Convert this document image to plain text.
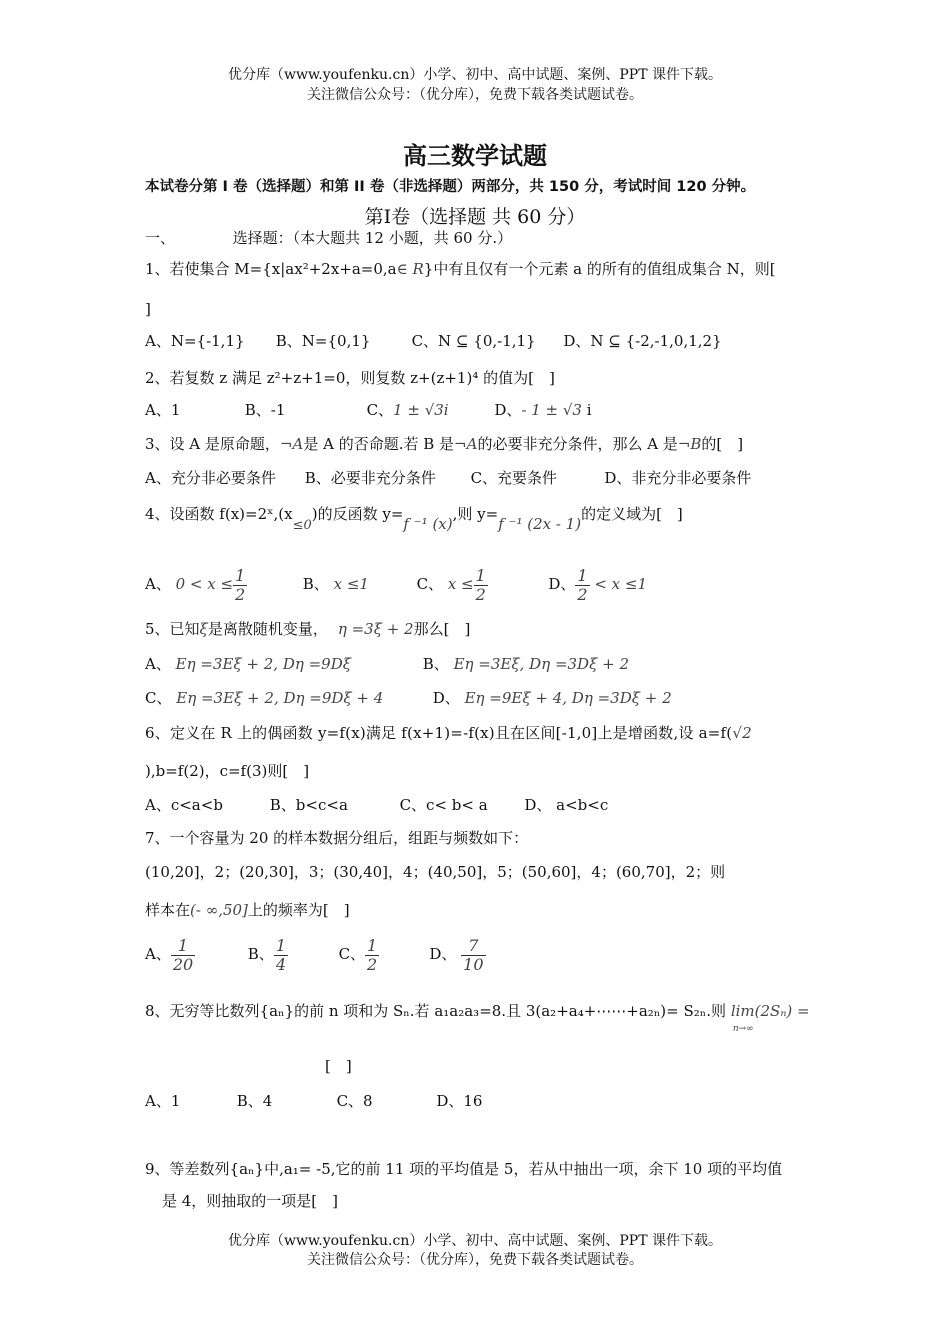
优分库（www.youfenku.cn）小学、初中、高中试题、案例、PPT 课件下载。
关注微信公众号：（优分库），免费下载各类试题试卷。
高三数学试题
本试卷分第 I 卷（选择题）和第 II 卷（非选择题）两部分，共 150 分，考试时间 120 分钟。
第Ⅰ卷（选择题 共 60 分）
一、	选择题：（本大题共 12 小题，共 60 分.）
1、若使集合 M={x|ax²+2x+a=0,a∈ R}中有且仅有一个元素 a 的所有的值组成集合 N，则[
]
A、N={-1,1} B、N={0,1}	C、N ⊆ {0,-1,1} D、N ⊆ {-2,-1,0,1,2}
2、若复数 z 满足 z²+z+1=0，则复数 z+(z+1)⁴ 的值为[　]
A、1	B、-1	C、1 ± √3i	D、- 1 ± √3 i
3、设 A 是原命题，¬A是 A 的否命题.若 B 是¬A的必要非充分条件，那么 A 是¬B的[　]
A、充分非必要条件 B、必要非充分条件 C、充要条件	D、非充分非必要条件
4、设函数 f(x)=2ˣ,(x≤0)的反函数 y=f ⁻¹ (x),则 y=f ⁻¹ (2x - 1)的定义域为[　]
A、 $0 < x \le \frac{1}{2}$	B、 x ≤1	C、 $x \le \frac{1}{2}$	D、 $\frac{1}{2} < x \le 1$
5、已知ξ是离散随机变量， η =3ξ + 2那么[　]
A、 Eη =3Eξ + 2, Dη =9Dξ	B、 Eη =3Eξ, Dη =3Dξ + 2
C、 Eη =3Eξ + 2, Dη =9Dξ + 4	D、 Eη =9Eξ + 4, Dη =3Dξ + 2
6、定义在 R 上的偶函数 y=f(x)满足 f(x+1)=-f(x)且在区间[-1,0]上是增函数,设 a=f(√2
),b=f(2)，c=f(3)则[　]
A、c<a<b	B、b<c<a	C、c< b< a D、 a<b<c
7、一个容量为 20 的样本数据分组后，组距与频数如下：
(10,20]，2；(20,30]，3；(30,40]，4；(40,50]，5；(50,60]，4；(60,70]，2；则
样本在(- ∞,50]上的频率为[　]
A、 $\frac{1}{20}$	B、 $\frac{1}{4}$	C、 $\frac{1}{2}$	D、 $\frac{7}{10}$
8、无穷等比数列{aₙ}的前 n 项和为 Sₙ.若 a₁a₂a₃=8.且 3(a₂+a₄+⋯⋯+a₂ₙ)= S₂ₙ.则 lim(2Sₙ) =
n→∞
[　]
A、1	B、4	C、8	D、16
9、等差数列{aₙ}中,a₁= -5,它的前 11 项的平均值是 5，若从中抽出一项，余下 10 项的平均值
是 4，则抽取的一项是[　]
优分库（www.youfenku.cn）小学、初中、高中试题、案例、PPT 课件下载。
关注微信公众号：（优分库），免费下载各类试题试卷。
